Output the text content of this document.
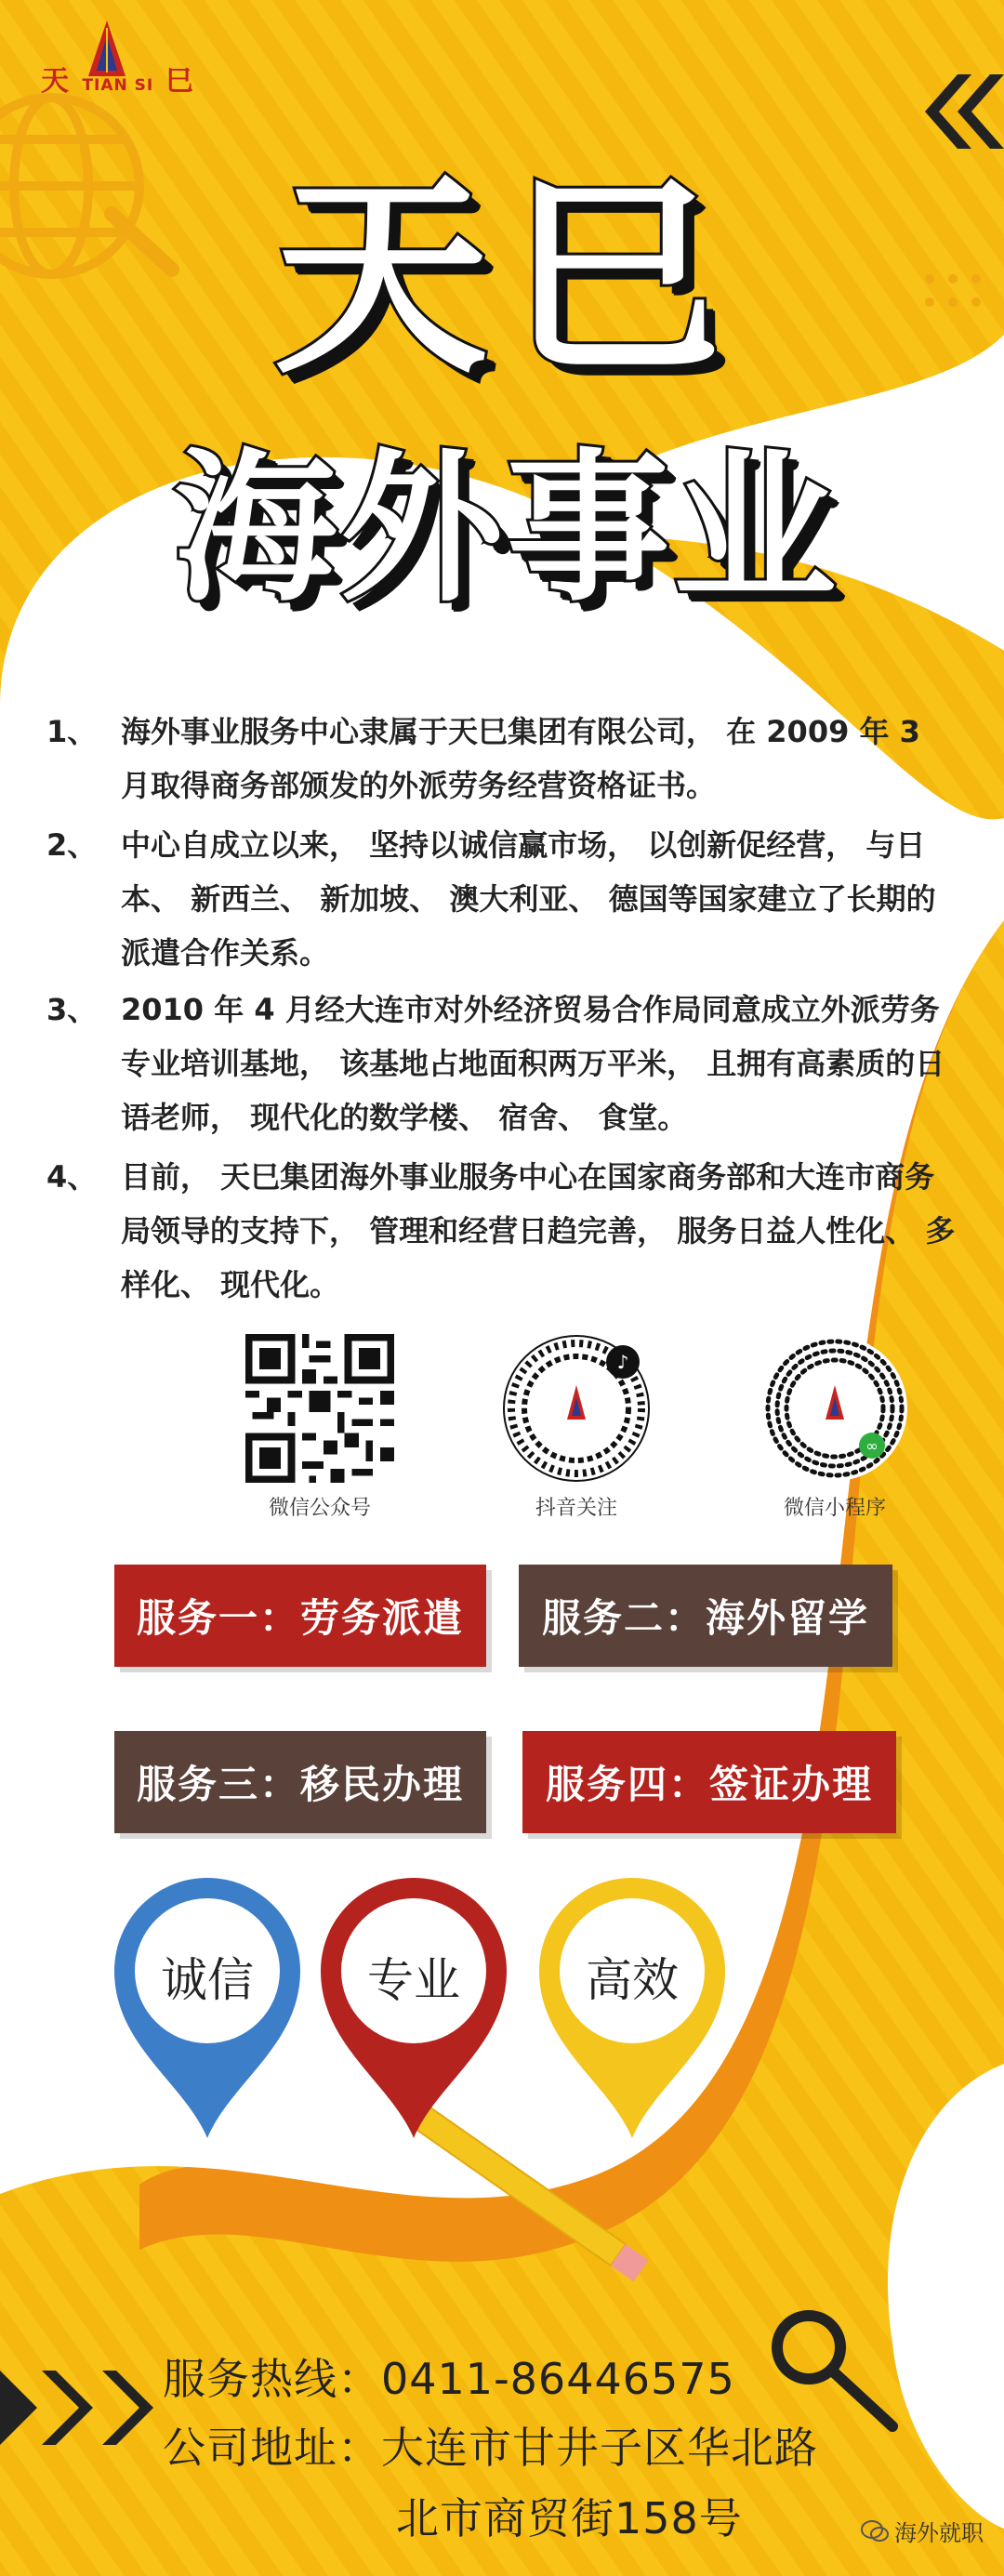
天 TIAN SI 巳
天巳
海外事业
1、 海外事业服务中心隶属于天巳集团有限公司， 在 2009 年 3 月取得商务部颁发的外派劳务经营资格证书。
2、 中心自成立以来， 坚持以诚信赢市场， 以创新促经营， 与日本、 新西兰、 新加坡、 澳大利亚、 德国等国家建立了长期的派遣合作关系。
3、 2010 年 4 月经大连市对外经济贸易合作局同意成立外派劳务专业培训基地， 该基地占地面积两万平米， 且拥有高素质的日语老师， 现代化的数学楼、 宿舍、 食堂。
4、 目前， 天巳集团海外事业服务中心在国家商务部和大连市商务局领导的支持下， 管理和经营日趋完善， 服务日益人性化、 多样化、 现代化。
微信公众号
♪
抖音关注
∞
微信小程序
服务一：劳务派遣	服务二：海外留学
服务三：移民办理	服务四：签证办理
诚信	专业	高效
服务热线：0411-86446575
公司地址：大连市甘井子区华北路
北市商贸街158号	海外就职
